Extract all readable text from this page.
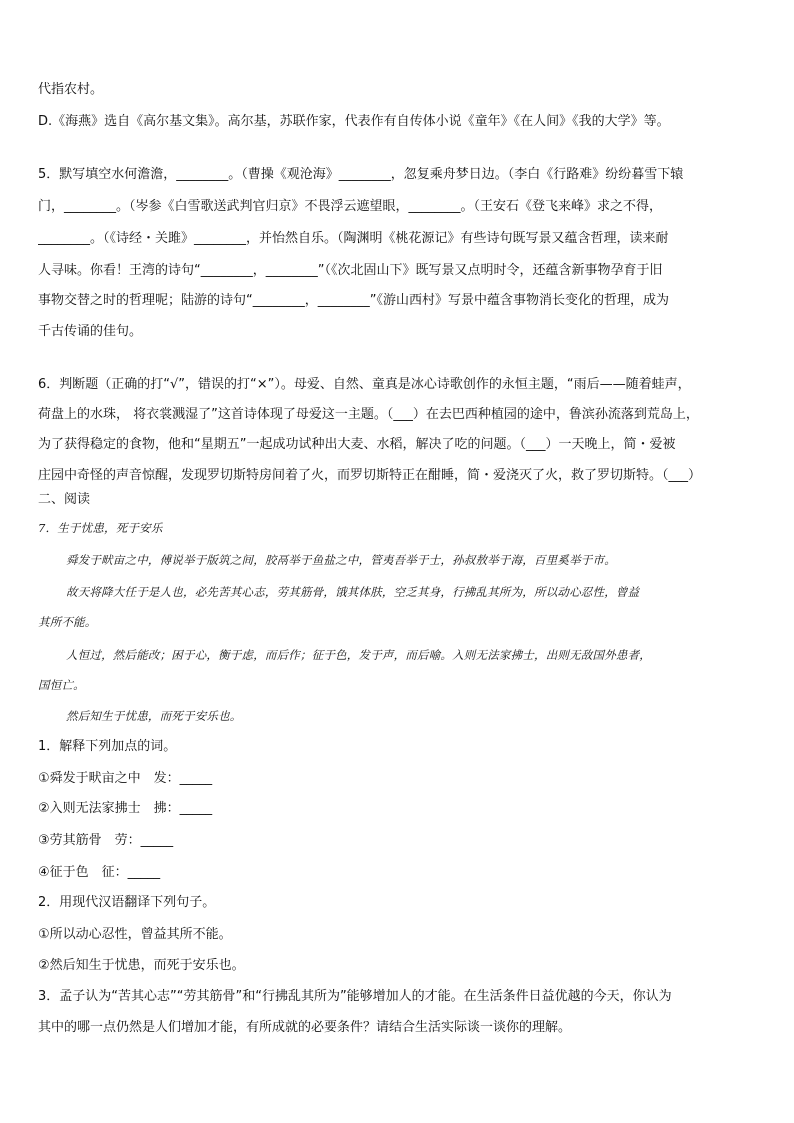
代指农村。
D.《海燕》选自《高尔基文集》。高尔基，苏联作家，代表作有自传体小说《童年》《在人间》《我的大学》等。
5．默写填空水何澹澹，________。（曹操《观沧海》________，忽复乘舟梦日边。（李白《行路难》纷纷暮雪下辕
门，________。（岑参《白雪歌送武判官归京》不畏浮云遮望眼，________。（王安石《登飞来峰》求之不得，
________。（《诗经・关雎》________，并怡然自乐。（陶渊明《桃花源记》有些诗句既写景又蕴含哲理，读来耐
人寻味。你看！王湾的诗句“________，________”（《次北固山下》既写景又点明时令，还蕴含新事物孕育于旧
事物交替之时的哲理呢；陆游的诗句“________，________”《游山西村》写景中蕴含事物消长变化的哲理，成为
千古传诵的佳句。
6．判断题（正确的打“√”，错误的打“×”）。母爱、自然、童真是冰心诗歌创作的永恒主题，“雨后——随着蛙声，
荷盘上的水珠， 将衣裳溅湿了”这首诗体现了母爱这一主题。（___）在去巴西种植园的途中，鲁滨孙流落到荒岛上，
为了获得稳定的食物，他和“星期五”一起成功试种出大麦、水稻，解决了吃的问题。（___）一天晚上，简・爱被
庄园中奇怪的声音惊醒，发现罗切斯特房间着了火，而罗切斯特正在酣睡，简・爱浇灭了火，救了罗切斯特。（___）
二、阅读
7．生于忧患，死于安乐
舜发于畎亩之中，傅说举于版筑之间，胶鬲举于鱼盐之中，管夷吾举于士，孙叔敖举于海，百里奚举于市。
故天将降大任于是人也，必先苦其心志，劳其筋骨，饿其体肤，空乏其身，行拂乱其所为，所以动心忍性，曾益
其所不能。
人恒过，然后能改；困于心，衡于虑，而后作；征于色，发于声，而后喻。入则无法家拂士，出则无敌国外患者，
国恒亡。
然后知生于忧患，而死于安乐也。
1．解释下列加点的词。
①舜发于畎亩之中　发：_____
②入则无法家拂士　拂：_____
③劳其筋骨　劳：_____
④征于色　征：_____
2．用现代汉语翻译下列句子。
①所以动心忍性，曾益其所不能。
②然后知生于忧患，而死于安乐也。
3．孟子认为“苦其心志”“劳其筋骨”和“行拂乱其所为”能够增加人的才能。在生活条件日益优越的今天，你认为
其中的哪一点仍然是人们增加才能，有所成就的必要条件？请结合生活实际谈一谈你的理解。
